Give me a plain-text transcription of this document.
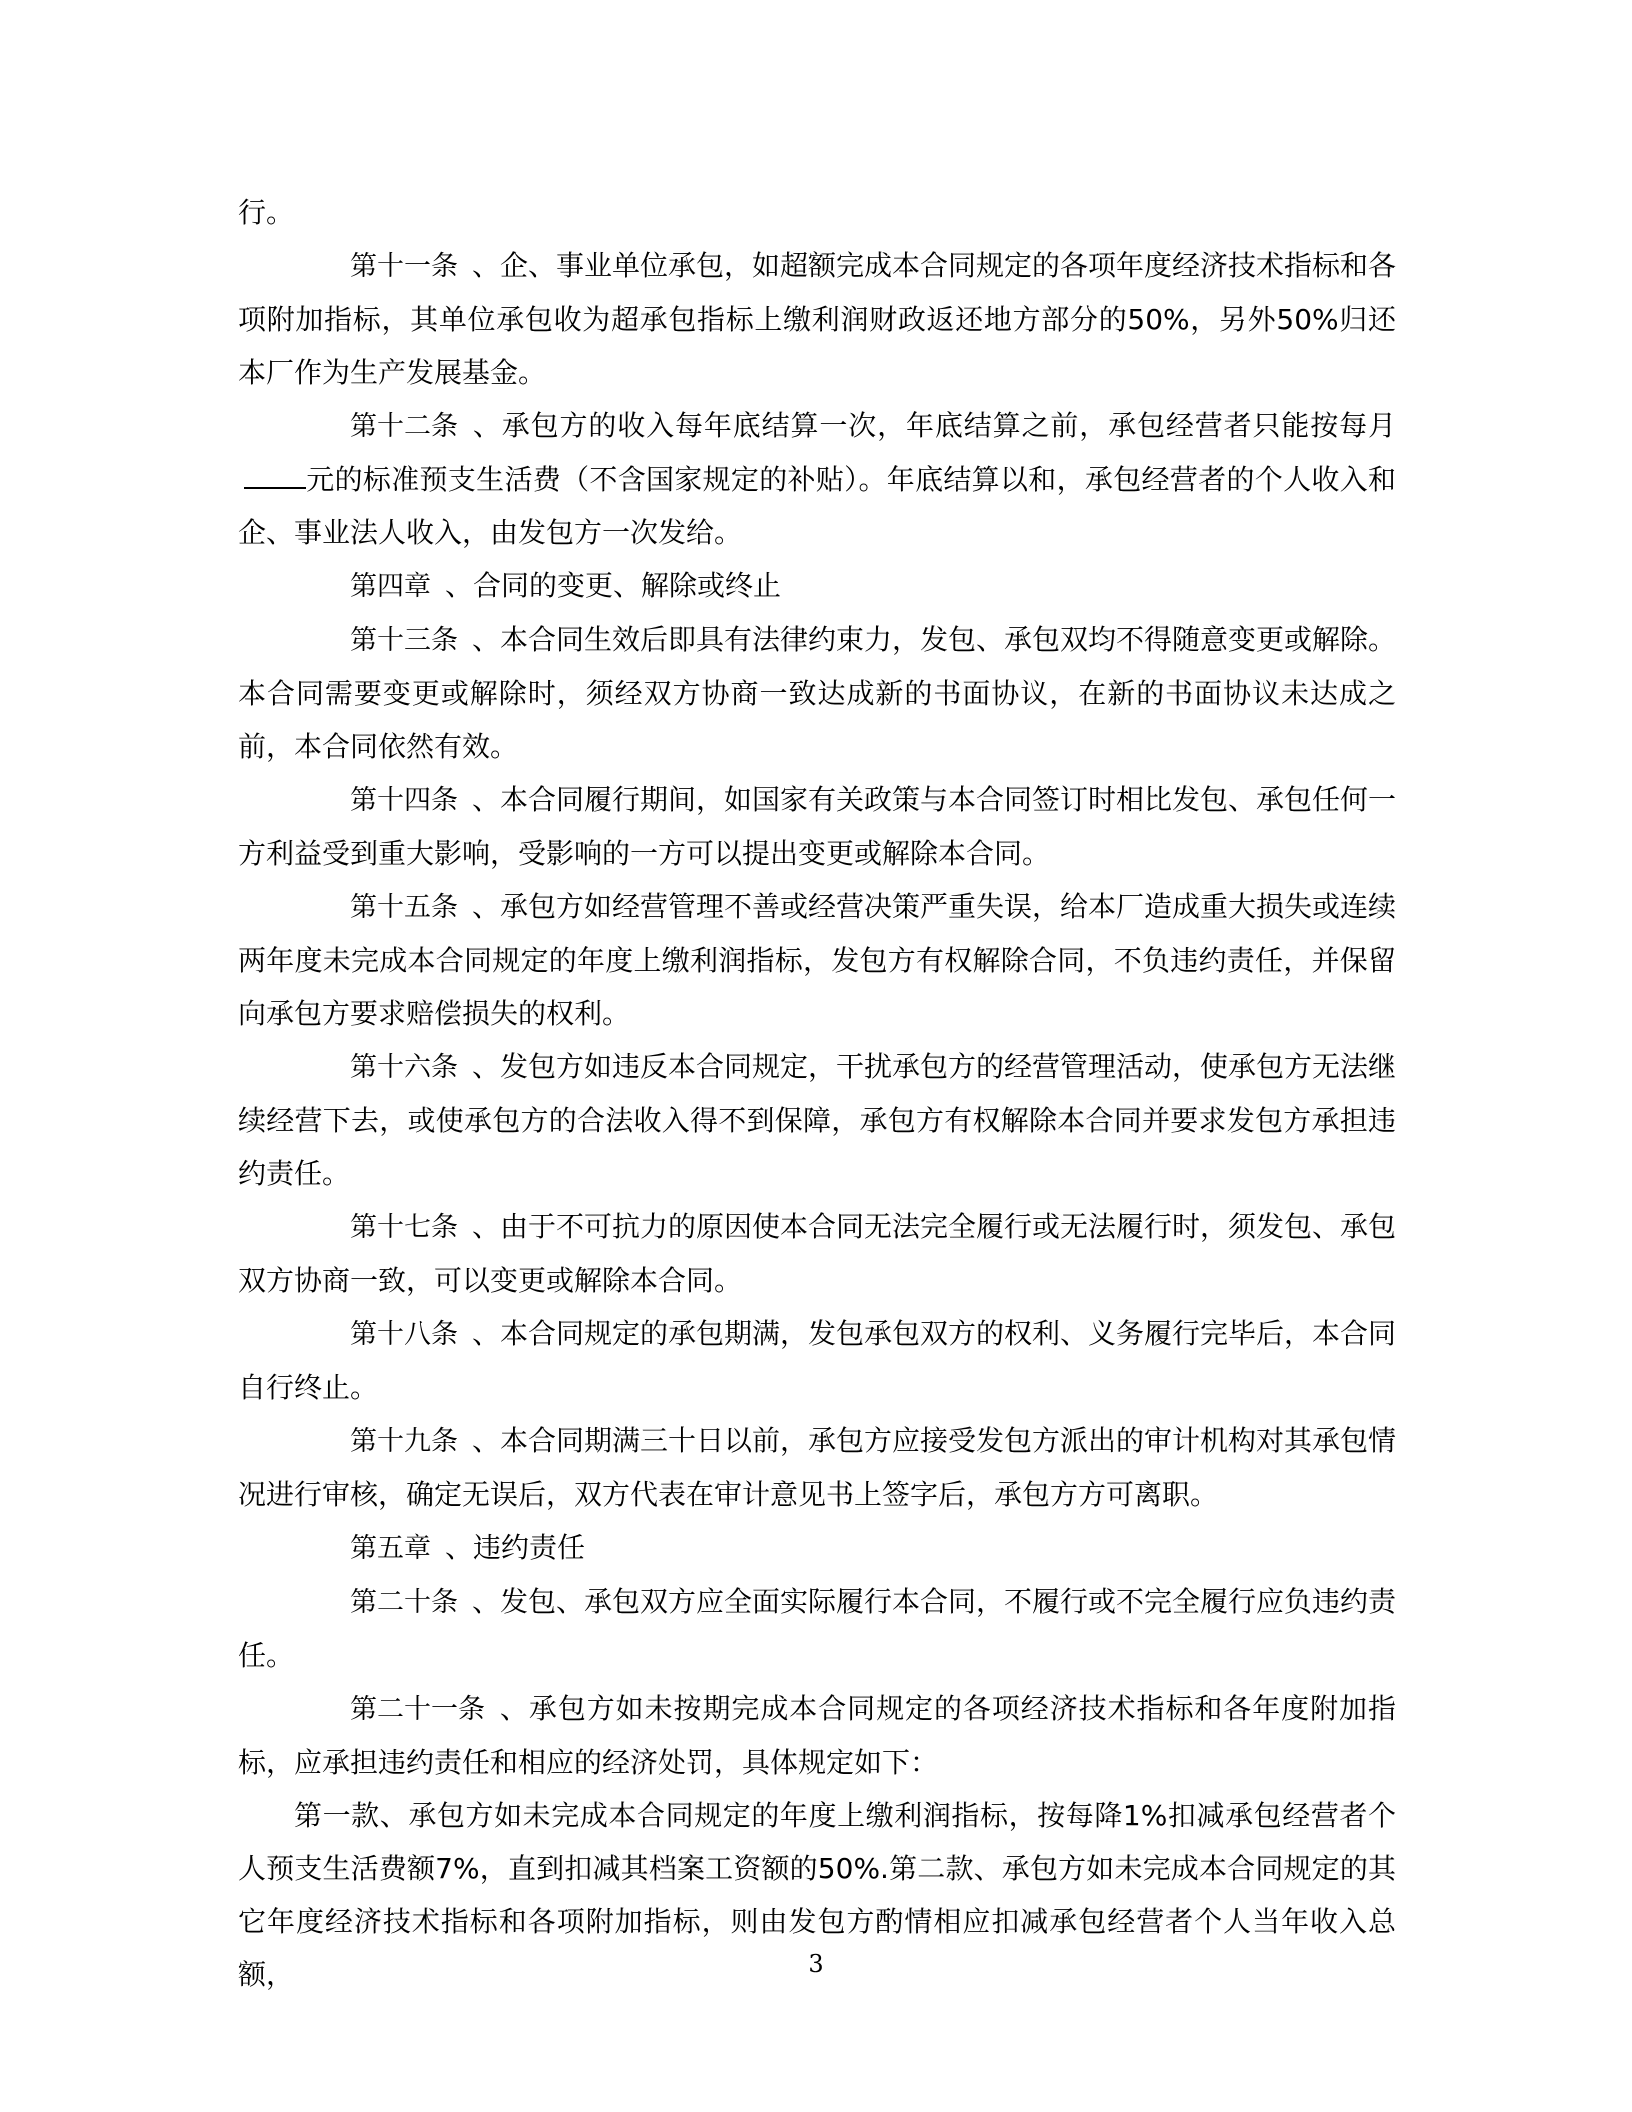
行。

第十一条 、企、事业单位承包，如超额完成本合同规定的各项年度经济技术指标和各项附加指标，其单位承包收为超承包指标上缴利润财政返还地方部分的50%，另外50%归还本厂作为生产发展基金。

第十二条 、承包方的收入每年底结算一次，年底结算之前，承包经营者只能按每月元的标准预支生活费（不含国家规定的补贴）。年底结算以和，承包经营者的个人收入和企、事业法人收入，由发包方一次发给。

第四章 、合同的变更、解除或终止

第十三条 、本合同生效后即具有法律约束力，发包、承包双均不得随意变更或解除。本合同需要变更或解除时，须经双方协商一致达成新的书面协议，在新的书面协议未达成之前，本合同依然有效。

第十四条 、本合同履行期间，如国家有关政策与本合同签订时相比发包、承包任何一方利益受到重大影响，受影响的一方可以提出变更或解除本合同。

第十五条 、承包方如经营管理不善或经营决策严重失误，给本厂造成重大损失或连续两年度未完成本合同规定的年度上缴利润指标，发包方有权解除合同，不负违约责任，并保留向承包方要求赔偿损失的权利。

第十六条 、发包方如违反本合同规定，干扰承包方的经营管理活动，使承包方无法继续经营下去，或使承包方的合法收入得不到保障，承包方有权解除本合同并要求发包方承担违约责任。

第十七条 、由于不可抗力的原因使本合同无法完全履行或无法履行时，须发包、承包双方协商一致，可以变更或解除本合同。

第十八条 、本合同规定的承包期满，发包承包双方的权利、义务履行完毕后，本合同自行终止。

第十九条 、本合同期满三十日以前，承包方应接受发包方派出的审计机构对其承包情况进行审核，确定无误后，双方代表在审计意见书上签字后，承包方方可离职。

第五章 、违约责任

第二十条 、发包、承包双方应全面实际履行本合同，不履行或不完全履行应负违约责任。

第二十一条 、承包方如未按期完成本合同规定的各项经济技术指标和各年度附加指标，应承担违约责任和相应的经济处罚，具体规定如下：

第一款、承包方如未完成本合同规定的年度上缴利润指标，按每降1%扣减承包经营者个人预支生活费额7%，直到扣减其档案工资额的50%.第二款、承包方如未完成本合同规定的其它年度经济技术指标和各项附加指标，则由发包方酌情相应扣减承包经营者个人当年收入总额，	3
